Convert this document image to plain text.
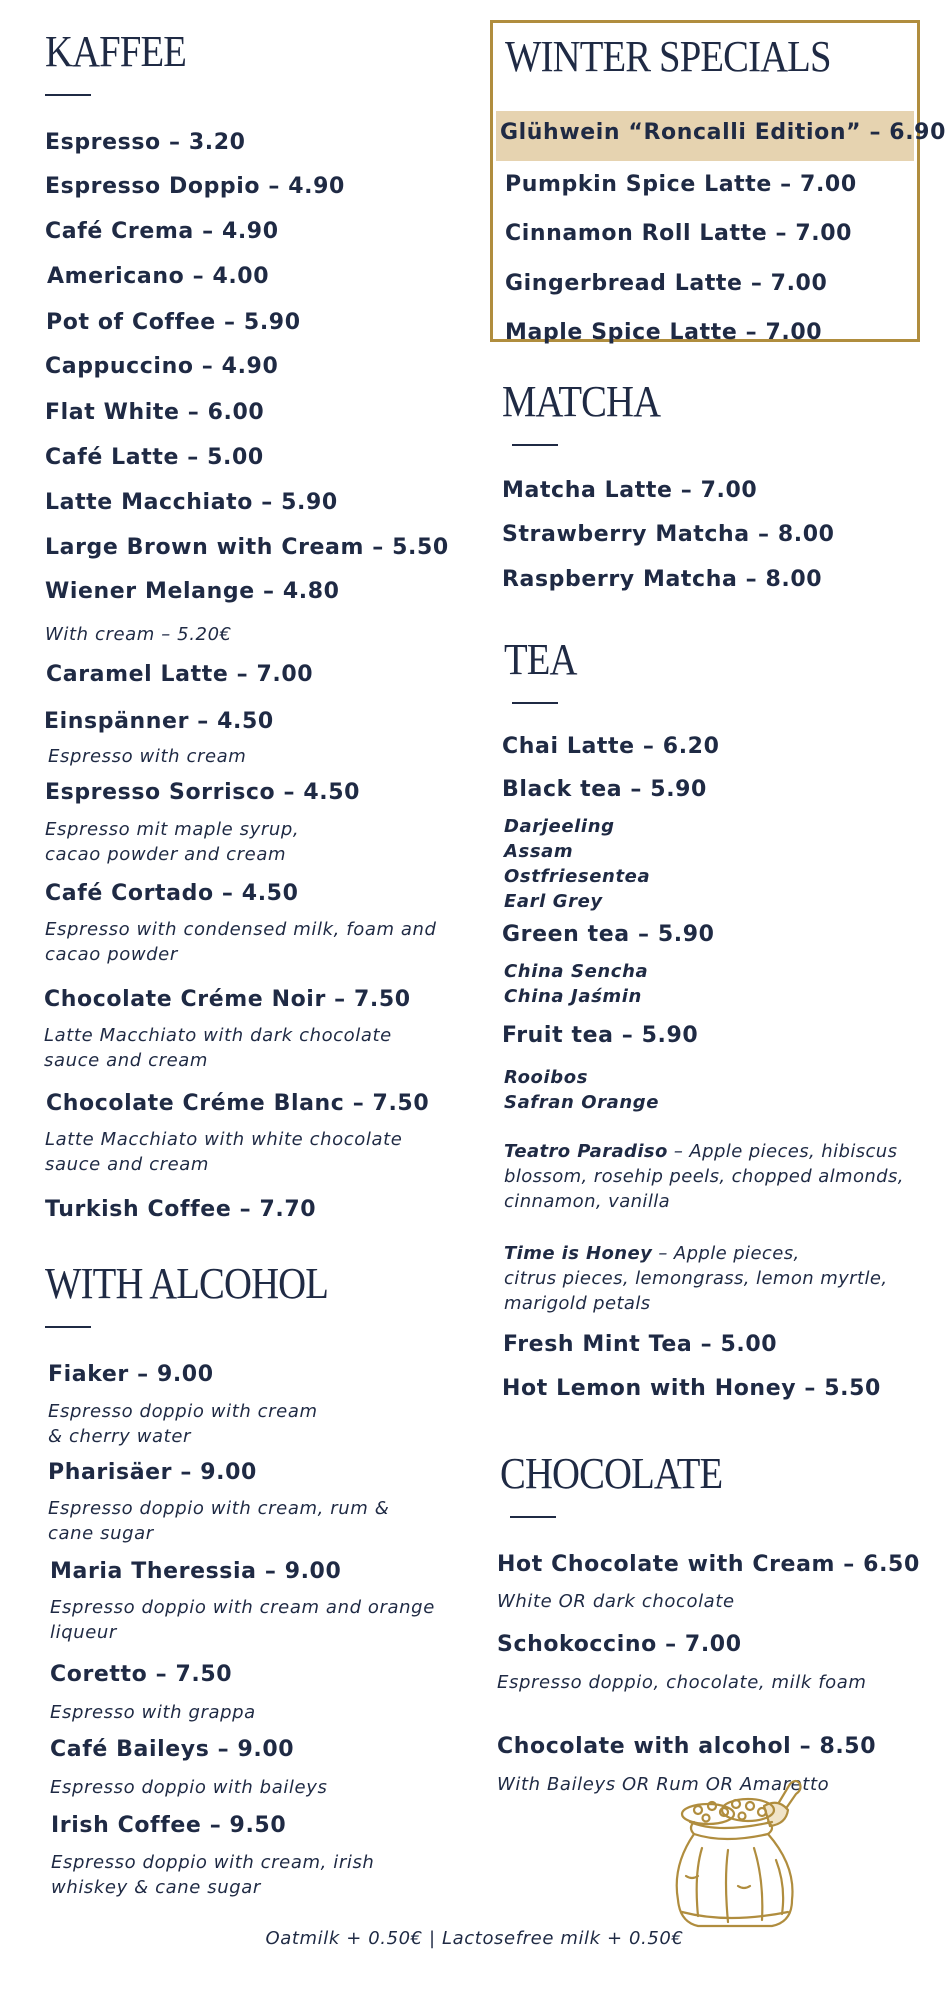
KAFFEE
Espresso – 3.20
Espresso Doppio – 4.90
Café Crema – 4.90
Americano – 4.00
Pot of Coffee – 5.90
Cappuccino – 4.90
Flat White – 6.00
Café Latte – 5.00
Latte Macchiato – 5.90
Large Brown with Cream – 5.50
Wiener Melange – 4.80
With cream – 5.20€
Caramel Latte – 7.00
Einspänner – 4.50
Espresso with cream
Espresso Sorrisco – 4.50
Espresso mit maple syrup,
cacao powder and cream
Café Cortado – 4.50
Espresso with condensed milk, foam and
cacao powder
Chocolate Créme Noir – 7.50
Latte Macchiato with dark chocolate
sauce and cream
Chocolate Créme Blanc – 7.50
Latte Macchiato with white chocolate
sauce and cream
Turkish Coffee – 7.70
WITH ALCOHOL
Fiaker – 9.00
Espresso doppio with cream
& cherry water
Pharisäer – 9.00
Espresso doppio with cream, rum &
cane sugar
Maria Theressia – 9.00
Espresso doppio with cream and orange
liqueur
Coretto – 7.50
Espresso with grappa
Café Baileys – 9.00
Espresso doppio with baileys
Irish Coffee – 9.50
Espresso doppio with cream, irish
whiskey & cane sugar
WINTER SPECIALS
Glühwein “Roncalli Edition” – 6.90
Pumpkin Spice Latte – 7.00
Cinnamon Roll Latte – 7.00
Gingerbread Latte – 7.00
Maple Spice Latte – 7.00
MATCHA
Matcha Latte – 7.00
Strawberry Matcha – 8.00
Raspberry Matcha – 8.00
TEA
Chai Latte – 6.20
Black tea – 5.90
Darjeeling
Assam
Ostfriesentea
Earl Grey
Green tea – 5.90
China Sencha
China Jaśmin
Fruit tea – 5.90
Rooibos
Safran Orange
Teatro Paradiso – Apple pieces, hibiscus
blossom, rosehip peels, chopped almonds,
cinnamon, vanilla
Time is Honey – Apple pieces,
citrus pieces, lemongrass, lemon myrtle,
marigold petals
Fresh Mint Tea – 5.00
Hot Lemon with Honey – 5.50
CHOCOLATE
Hot Chocolate with Cream – 6.50
White OR dark chocolate
Schokoccino – 7.00
Espresso doppio, chocolate, milk foam
Chocolate with alcohol – 8.50
With Baileys OR Rum OR Amaretto
Oatmilk + 0.50€ | Lactosefree milk + 0.50€
